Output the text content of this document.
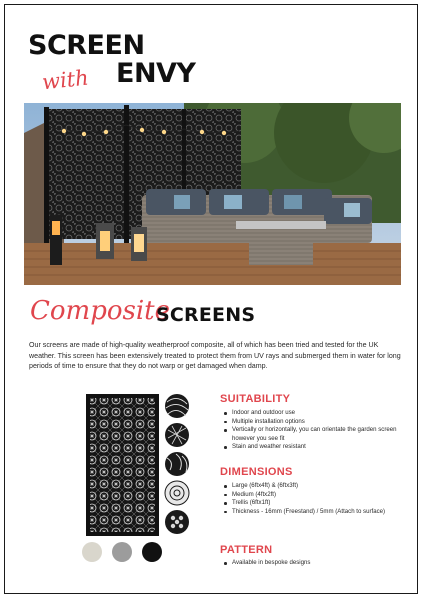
SCREEN
with ENVY
Composite
SCREENS

Our screens are made of high-quality weatherproof composite, all of which has been tried and tested for the UK weather. This screen has been extensively treated to protect them from UV rays and submerged them in water for long periods of time to ensure that they do not warp or get damaged when damp.

SUITABILITY
Indoor and outdoor use
Multiple installation options
Vertically or horizontally, you can orientate the garden screen however you see fit
Stain and weather resistant
DIMENSIONS
Large (6ftx4ft) & (6ftx3ft)
Medium (4ftx2ft)
Trellis (6ftx1ft)
Thickness - 16mm (Freestand) / 5mm (Attach to surface)
PATTERN
Available in bespoke designs
